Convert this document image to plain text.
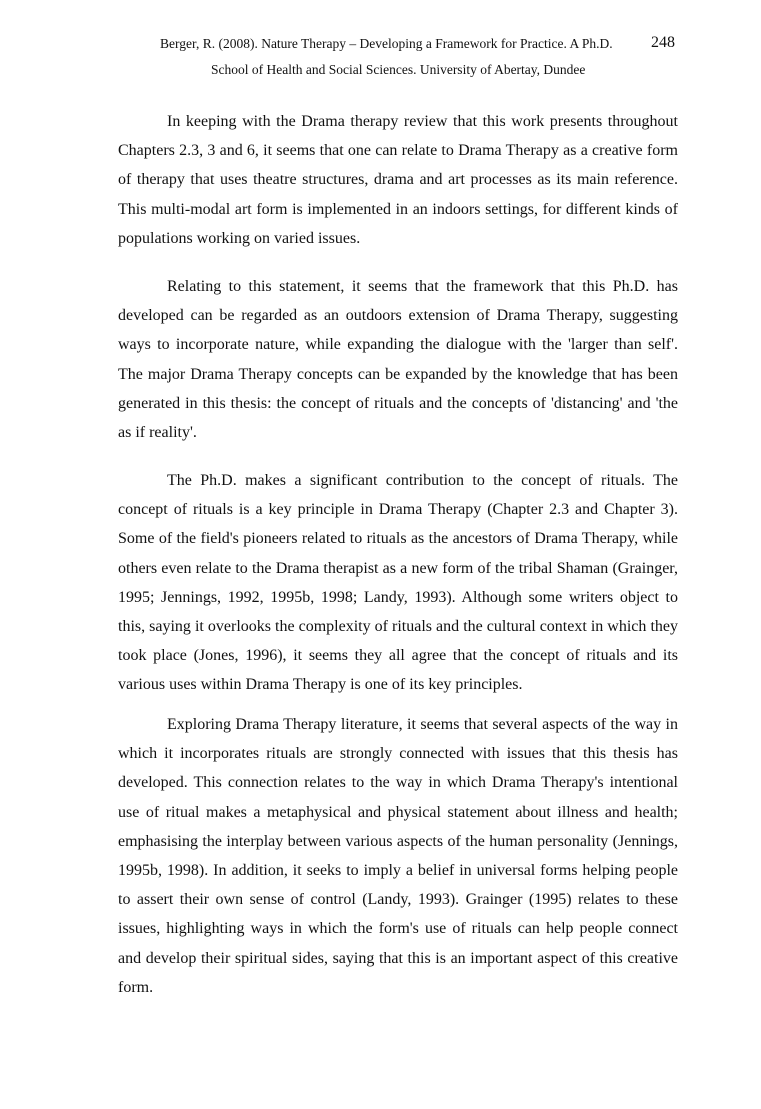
Berger, R. (2008). Nature Therapy – Developing a Framework for Practice. A Ph.D. 248
School of Health and Social Sciences. University of Abertay, Dundee

In keeping with the Drama therapy review that this work presents throughout Chapters 2.3, 3 and 6, it seems that one can relate to Drama Therapy as a creative form of therapy that uses theatre structures, drama and art processes as its main reference. This multi-modal art form is implemented in an indoors settings, for different kinds of populations working on varied issues.

Relating to this statement, it seems that the framework that this Ph.D. has developed can be regarded as an outdoors extension of Drama Therapy, suggesting ways to incorporate nature, while expanding the dialogue with the 'larger than self'. The major Drama Therapy concepts can be expanded by the knowledge that has been generated in this thesis: the concept of rituals and the concepts of 'distancing' and 'the as if reality'.

The Ph.D. makes a significant contribution to the concept of rituals. The concept of rituals is a key principle in Drama Therapy (Chapter 2.3 and Chapter 3). Some of the field's pioneers related to rituals as the ancestors of Drama Therapy, while others even relate to the Drama therapist as a new form of the tribal Shaman (Grainger, 1995; Jennings, 1992, 1995b, 1998; Landy, 1993). Although some writers object to this, saying it overlooks the complexity of rituals and the cultural context in which they took place (Jones, 1996), it seems they all agree that the concept of rituals and its various uses within Drama Therapy is one of its key principles.

Exploring Drama Therapy literature, it seems that several aspects of the way in which it incorporates rituals are strongly connected with issues that this thesis has developed. This connection relates to the way in which Drama Therapy's intentional use of ritual makes a metaphysical and physical statement about illness and health; emphasising the interplay between various aspects of the human personality (Jennings, 1995b, 1998). In addition, it seeks to imply a belief in universal forms helping people to assert their own sense of control (Landy, 1993). Grainger (1995) relates to these issues, highlighting ways in which the form's use of rituals can help people connect and develop their spiritual sides, saying that this is an important aspect of this creative form.
